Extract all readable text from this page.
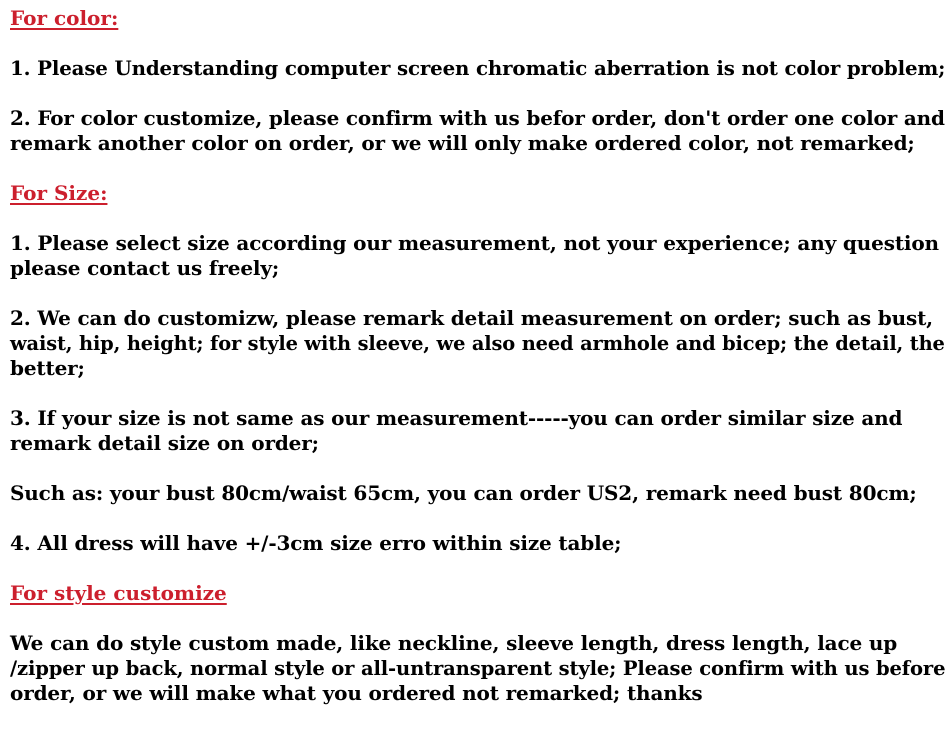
For color:
1. Please Understanding computer screen chromatic aberration is not color problem;
2. For color customize, please confirm with us befor order, don't order one color and
remark another color on order, or we will only make ordered color, not remarked;
For Size:
1. Please select size according our measurement, not your experience; any question
please contact us freely;
2. We can do customizw, please remark detail measurement on order; such as bust,
waist, hip, height; for style with sleeve, we also need armhole and bicep; the detail, the
better;
3. If your size is not same as our measurement-----you can order similar size and
remark detail size on order;
Such as: your bust 80cm/waist 65cm, you can order US2, remark need bust 80cm;
4. All dress will have +/-3cm size erro within size table;
For style customize
We can do style custom made, like neckline, sleeve length, dress length, lace up
/zipper up back, normal style or all-untransparent style; Please confirm with us before
order, or we will make what you ordered not remarked; thanks
